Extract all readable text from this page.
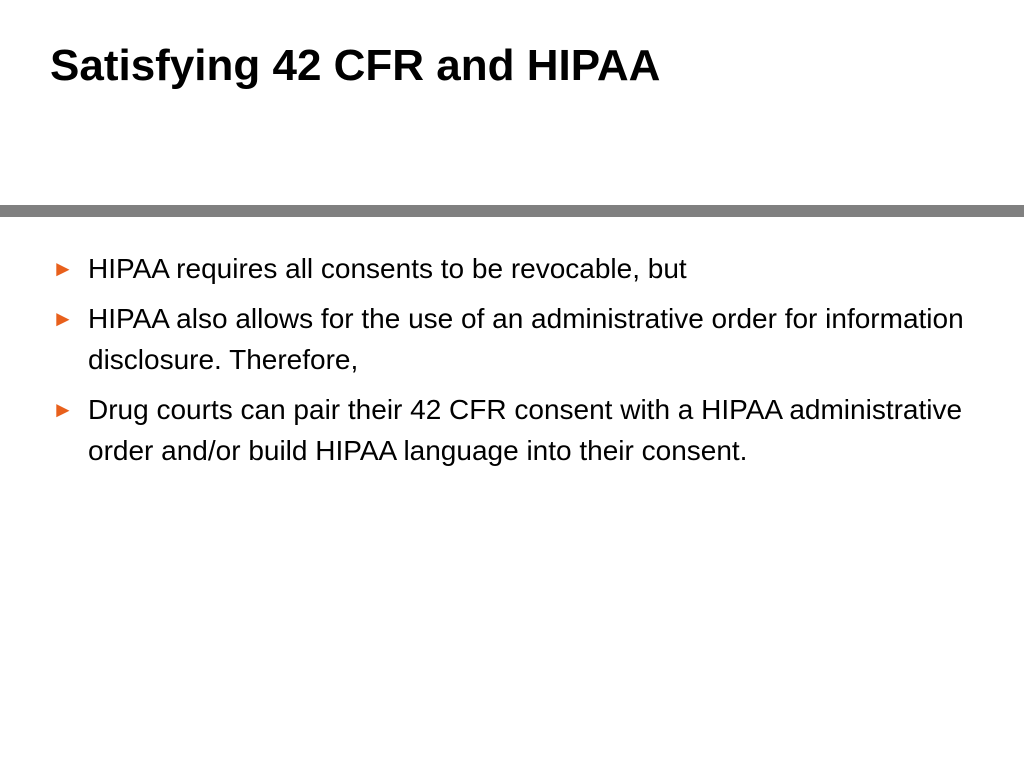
Satisfying 42 CFR and HIPAA
► HIPAA requires all consents to be revocable, but
► HIPAA also allows for the use of an administrative order for information disclosure. Therefore,
► Drug courts can pair their 42 CFR consent with a HIPAA administrative order and/or build HIPAA language into their consent.
